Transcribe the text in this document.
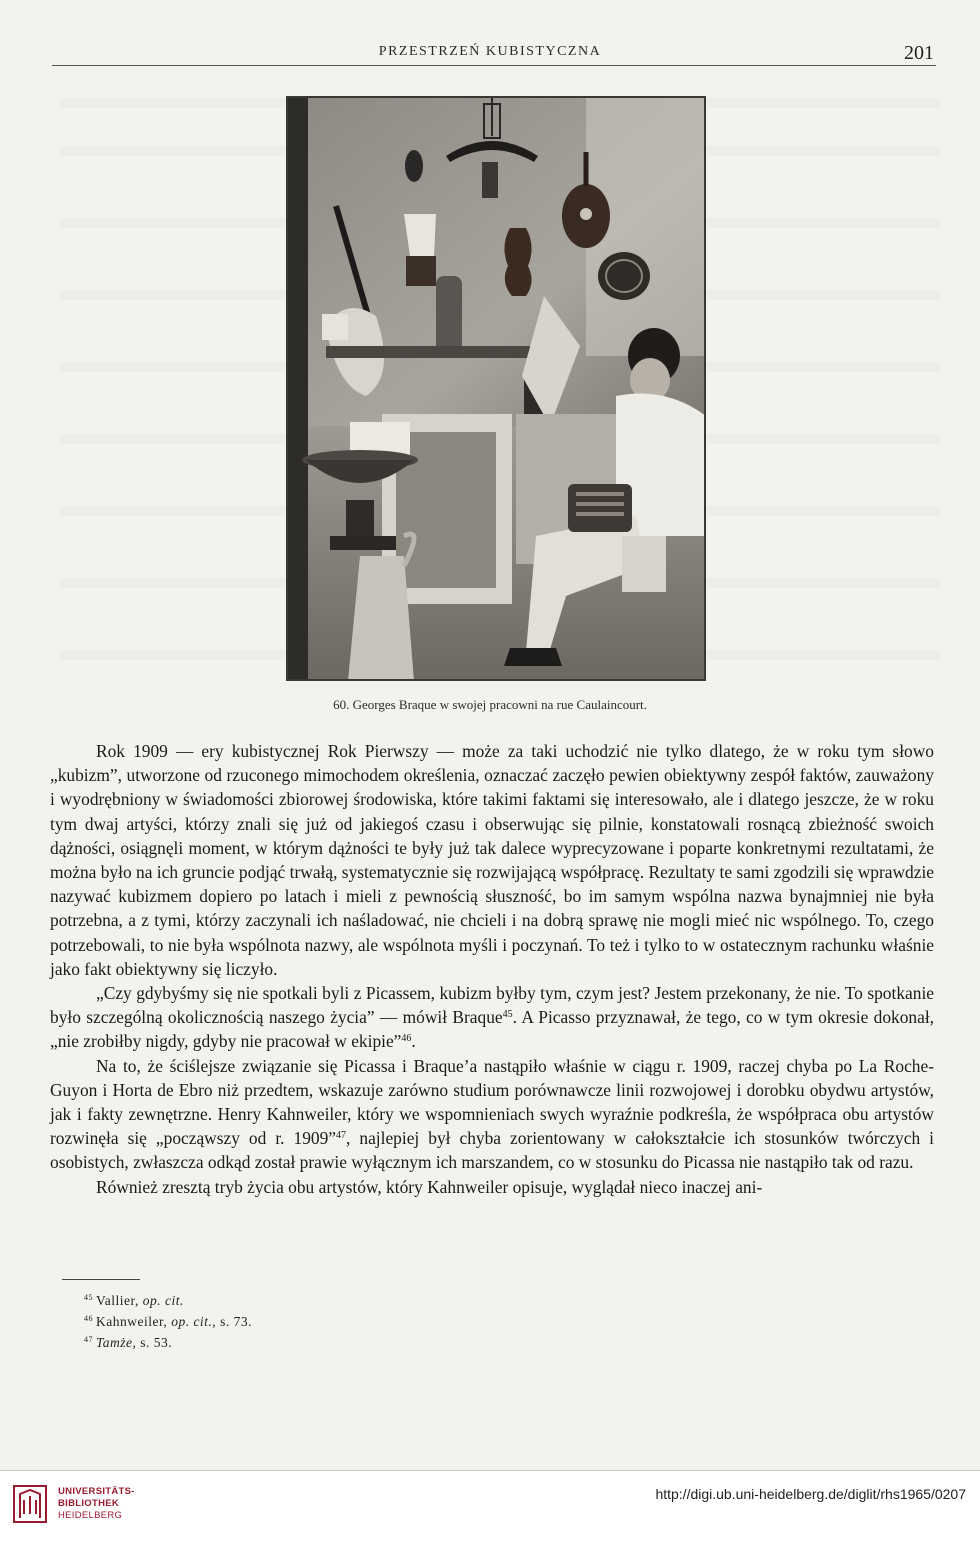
PRZESTRZEŃ KUBISTYCZNA	201
60. Georges Braque w swojej pracowni na rue Caulaincourt.

Rok 1909 — ery kubistycznej Rok Pierwszy — może za taki uchodzić nie tylko dlatego, że w roku tym słowo „kubizm”, utworzone od rzuconego mimochodem określenia, oznaczać zaczęło pewien obiektywny zespół faktów, zauważony i wyodrębniony w świadomości zbiorowej środowiska, które takimi faktami się interesowało, ale i dlatego jeszcze, że w roku tym dwaj artyści, którzy znali się już od jakiegoś czasu i obserwując się pilnie, konstatowali rosnącą zbieżność swoich dążności, osiągnęli moment, w którym dążności te były już tak dalece wyprecyzowane i poparte konkretnymi rezultatami, że można było na ich gruncie podjąć trwałą, systematycznie się rozwijającą współpracę. Rezultaty te sami zgodzili się wprawdzie nazywać kubizmem dopiero po latach i mieli z pewnością słuszność, bo im samym wspólna nazwa bynajmniej nie była potrzebna, a z tymi, którzy zaczynali ich naśladować, nie chcieli i na dobrą sprawę nie mogli mieć nic wspólnego. To, czego potrzebowali, to nie była wspólnota nazwy, ale wspólnota myśli i poczynań. To też i tylko to w ostatecznym rachunku właśnie jako fakt obiektywny się liczyło.

„Czy gdybyśmy się nie spotkali byli z Picassem, kubizm byłby tym, czym jest? Jestem przekonany, że nie. To spotkanie było szczególną okolicznością naszego życia” — mówił Braque$^{45}$. A Picasso przyznawał, że tego, co w tym okresie dokonał, „nie zrobiłby nigdy, gdyby nie pracował w ekipie”$^{46}$.

Na to, że ściślejsze związanie się Picassa i Braque’a nastąpiło właśnie w ciągu r. 1909, raczej chyba po La Roche-Guyon i Horta de Ebro niż przedtem, wskazuje zarówno studium porównawcze linii rozwojowej i dorobku obydwu artystów, jak i fakty zewnętrzne. Henry Kahnweiler, który we wspomnieniach swych wyraźnie podkreśla, że współpraca obu artystów rozwinęła się „począwszy od r. 1909”$^{47}$, najlepiej był chyba zorientowany w całokształcie ich stosunków twórczych i osobistych, zwłaszcza odkąd został prawie wyłącznym ich marszandem, co w stosunku do Picassa nie nastąpiło tak od razu.

Również zresztą tryb życia obu artystów, który Kahnweiler opisuje, wyglądał nieco inaczej ani-

$^{45}$ Vallier, op. cit.
$^{46}$ Kahnweiler, op. cit., s. 73.
$^{47}$ Tamże, s. 53.
UNIVERSITÄTS-
BIBLIOTHEK
HEIDELBERG
http://digi.ub.uni-heidelberg.de/diglit/rhs1965/0207
